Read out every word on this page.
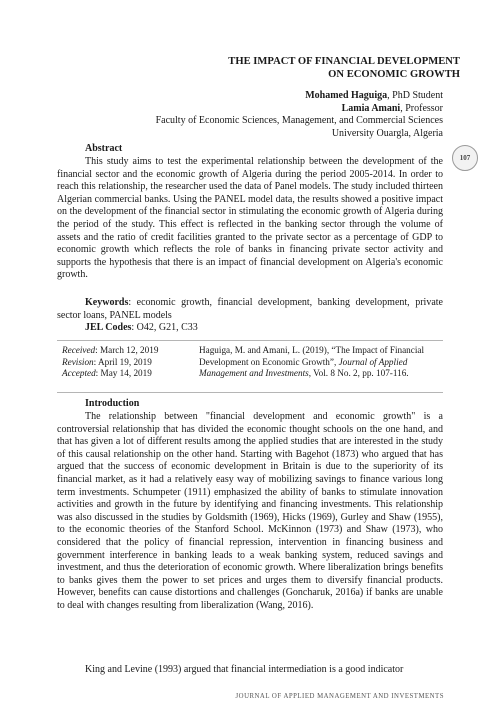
THE IMPACT OF FINANCIAL DEVELOPMENT
ON ECONOMIC GROWTH
Mohamed Haguiga, PhD Student
Lamia Amani, Professor
Faculty of Economic Sciences, Management, and Commercial Sciences
University Ouargla, Algeria
107
Abstract

This study aims to test the experimental relationship between the development of the financial sector and the economic growth of Algeria during the period 2005-2014. In order to reach this relationship, the researcher used the data of Panel models. The study included thirteen Algerian commercial banks. Using the PANEL model data, the results showed a positive impact on the development of the financial sector in stimulating the economic growth of Algeria during the period of the study. This effect is reflected in the banking sector through the volume of assets and the ratio of credit facilities granted to the private sector as a percentage of GDP to economic growth which reflects the role of banks in financing private sector activity and supports the hypothesis that there is an impact of financial development on Algeria's economic growth.

Keywords: economic growth, financial development, banking development, private sector loans, PANEL models

JEL Codes: O42, G21, C33

Received: March 12, 2019
Revision: April 19, 2019
Accepted: May 14, 2019
Haguiga, M. and Amani, L. (2019), “The Impact of Financial Development on Economic Growth”, Journal of Applied Management and Investments, Vol. 8 No. 2, pp. 107-116.
Introduction

The relationship between "financial development and economic growth" is a controversial relationship that has divided the economic thought schools on the one hand, and that has given a lot of different results among the applied studies that are interested in the study of this causal relationship on the other hand. Starting with Bagehot (1873) who argued that has argued that the success of economic development in Britain is due to the superiority of its financial market, as it had a relatively easy way of mobilizing savings to finance various long term investments. Schumpeter (1911) emphasized the ability of banks to stimulate innovation activities and growth in the future by identifying and financing investments. This relationship was also discussed in the studies by Goldsmith (1969), Hicks (1969), Gurley and Shaw (1955), to the economic theories of the Stanford School. McKinnon (1973) and Shaw (1973), who considered that the policy of financial repression, intervention in financing business and government interference in banking leads to a weak banking system, reduced savings and investment, and thus the deterioration of economic growth. Where liberalization brings benefits to banks gives them the power to set prices and urges them to diversify financial products. However, benefits can cause distortions and challenges (Goncharuk, 2016a) if banks are unable to deal with changes resulting from liberalization (Wang, 2016).

King and Levine (1993) argued that financial intermediation is a good indicator

JOURNAL OF APPLIED MANAGEMENT AND INVESTMENTS
